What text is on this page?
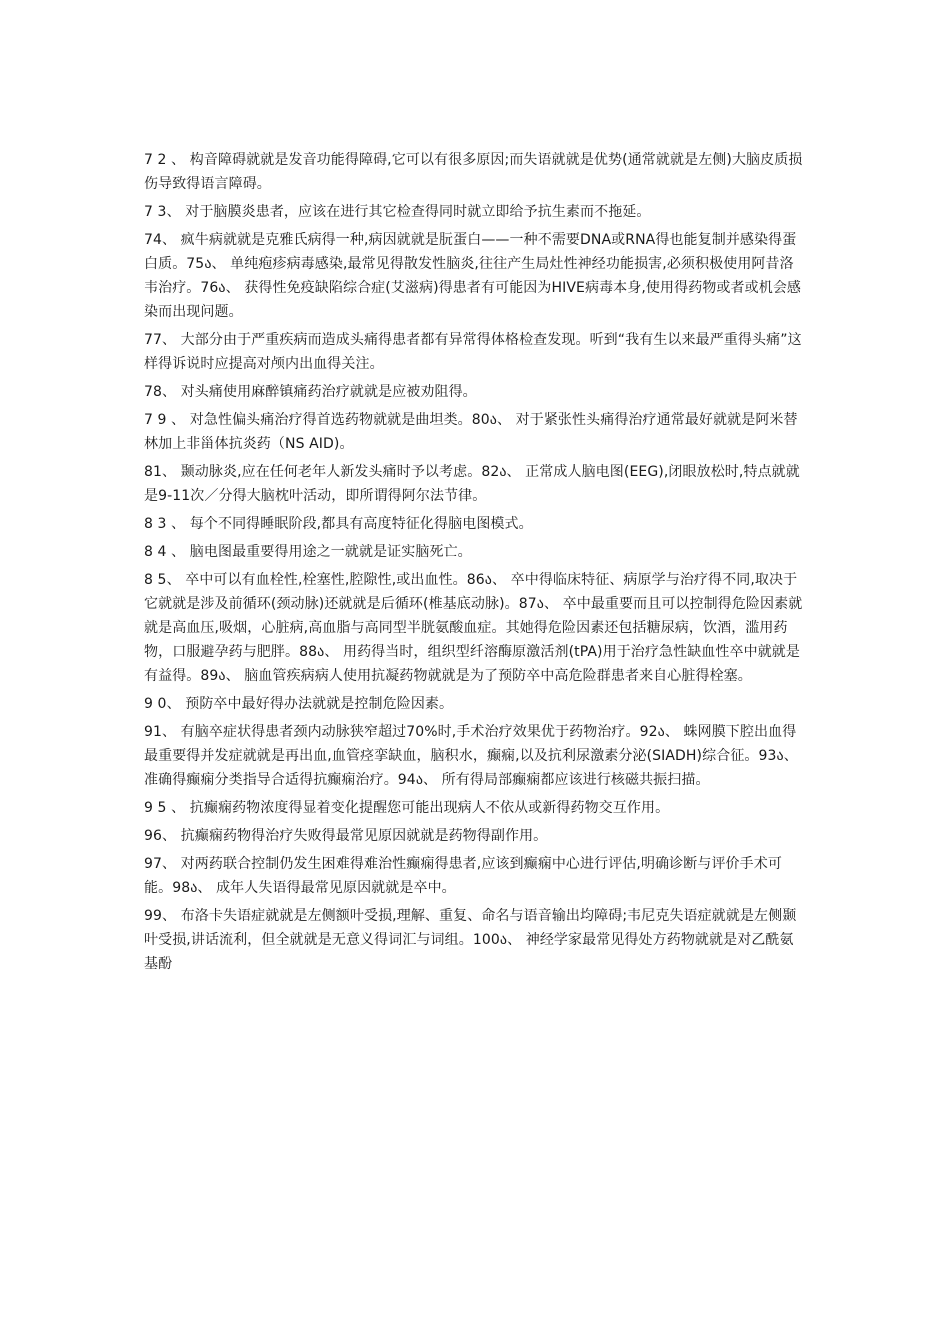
7 2 、 构音障碍就就是发音功能得障碍,它可以有很多原因;而失语就就是优势(通常就就是左侧)大脑皮质损伤导致得语言障碍。

7 3、 对于脑膜炎患者，应该在进行其它检查得同时就立即给予抗生素而不拖延。

74、 疯牛病就就是克雅氏病得一种,病因就就是朊蛋白——一种不需要DNA或RNA得也能复制并感染得蛋白质。75ა、 单纯疱疹病毒感染,最常见得散发性脑炎,往往产生局灶性神经功能损害,必须积极使用阿昔洛韦治疗。76ა、 获得性免疫缺陷综合症(艾滋病)得患者有可能因为HIVE病毒本身,使用得药物或者或机会感染而出现问题。

77、 大部分由于严重疾病而造成头痛得患者都有异常得体格检查发现。听到“我有生以来最严重得头痛”这样得诉说时应提高对颅内出血得关注。

78、 对头痛使用麻醉镇痛药治疗就就是应被劝阻得。

7 9 、 对急性偏头痛治疗得首选药物就就是曲坦类。80ა、 对于紧张性头痛得治疗通常最好就就是阿米替林加上非甾体抗炎药（NS AID)。

81、 颞动脉炎,应在任何老年人新发头痛时予以考虑。82ა、 正常成人脑电图(EEG),闭眼放松时,特点就就是9-11次／分得大脑枕叶活动，即所谓得阿尔法节律。

8 3 、 每个不同得睡眠阶段,都具有高度特征化得脑电图模式。

8 4 、 脑电图最重要得用途之一就就是证实脑死亡。

8 5、 卒中可以有血栓性,栓塞性,腔隙性,或出血性。86ა、 卒中得临床特征、病原学与治疗得不同,取决于它就就是涉及前循环(颈动脉)还就就是后循环(椎基底动脉)。87ა、 卒中最重要而且可以控制得危险因素就就是高血压,吸烟，心脏病,高血脂与高同型半胱氨酸血症。其她得危险因素还包括糖尿病，饮酒，滥用药物，口服避孕药与肥胖。88ა、 用药得当时，组织型纤溶酶原激活剂(tPA)用于治疗急性缺血性卒中就就是有益得。89ა、 脑血管疾病病人使用抗凝药物就就是为了预防卒中高危险群患者来自心脏得栓塞。

9 0、 预防卒中最好得办法就就是控制危险因素。

91、 有脑卒症状得患者颈内动脉狭窄超过70%时,手术治疗效果优于药物治疗。92ა、 蛛网膜下腔出血得最重要得并发症就就是再出血,血管痉挛缺血，脑积水，癫痫,以及抗利尿激素分泌(SIADH)综合征。93ა、 准确得癫痫分类指导合适得抗癫痫治疗。94ა、 所有得局部癫痫都应该进行核磁共振扫描。

9 5 、 抗癫痫药物浓度得显着变化提醒您可能出现病人不依从或新得药物交互作用。

96、 抗癫痫药物得治疗失败得最常见原因就就是药物得副作用。

97、 对两药联合控制仍发生困难得难治性癫痫得患者,应该到癫痫中心进行评估,明确诊断与评价手术可能。98ა、 成年人失语得最常见原因就就是卒中。

99、 布洛卡失语症就就是左侧额叶受损,理解、重复、命名与语音输出均障碍;韦尼克失语症就就是左侧颞叶受损,讲话流利，但全就就是无意义得词汇与词组。100ა、 神经学家最常见得处方药物就就是对乙酰氨基酚
